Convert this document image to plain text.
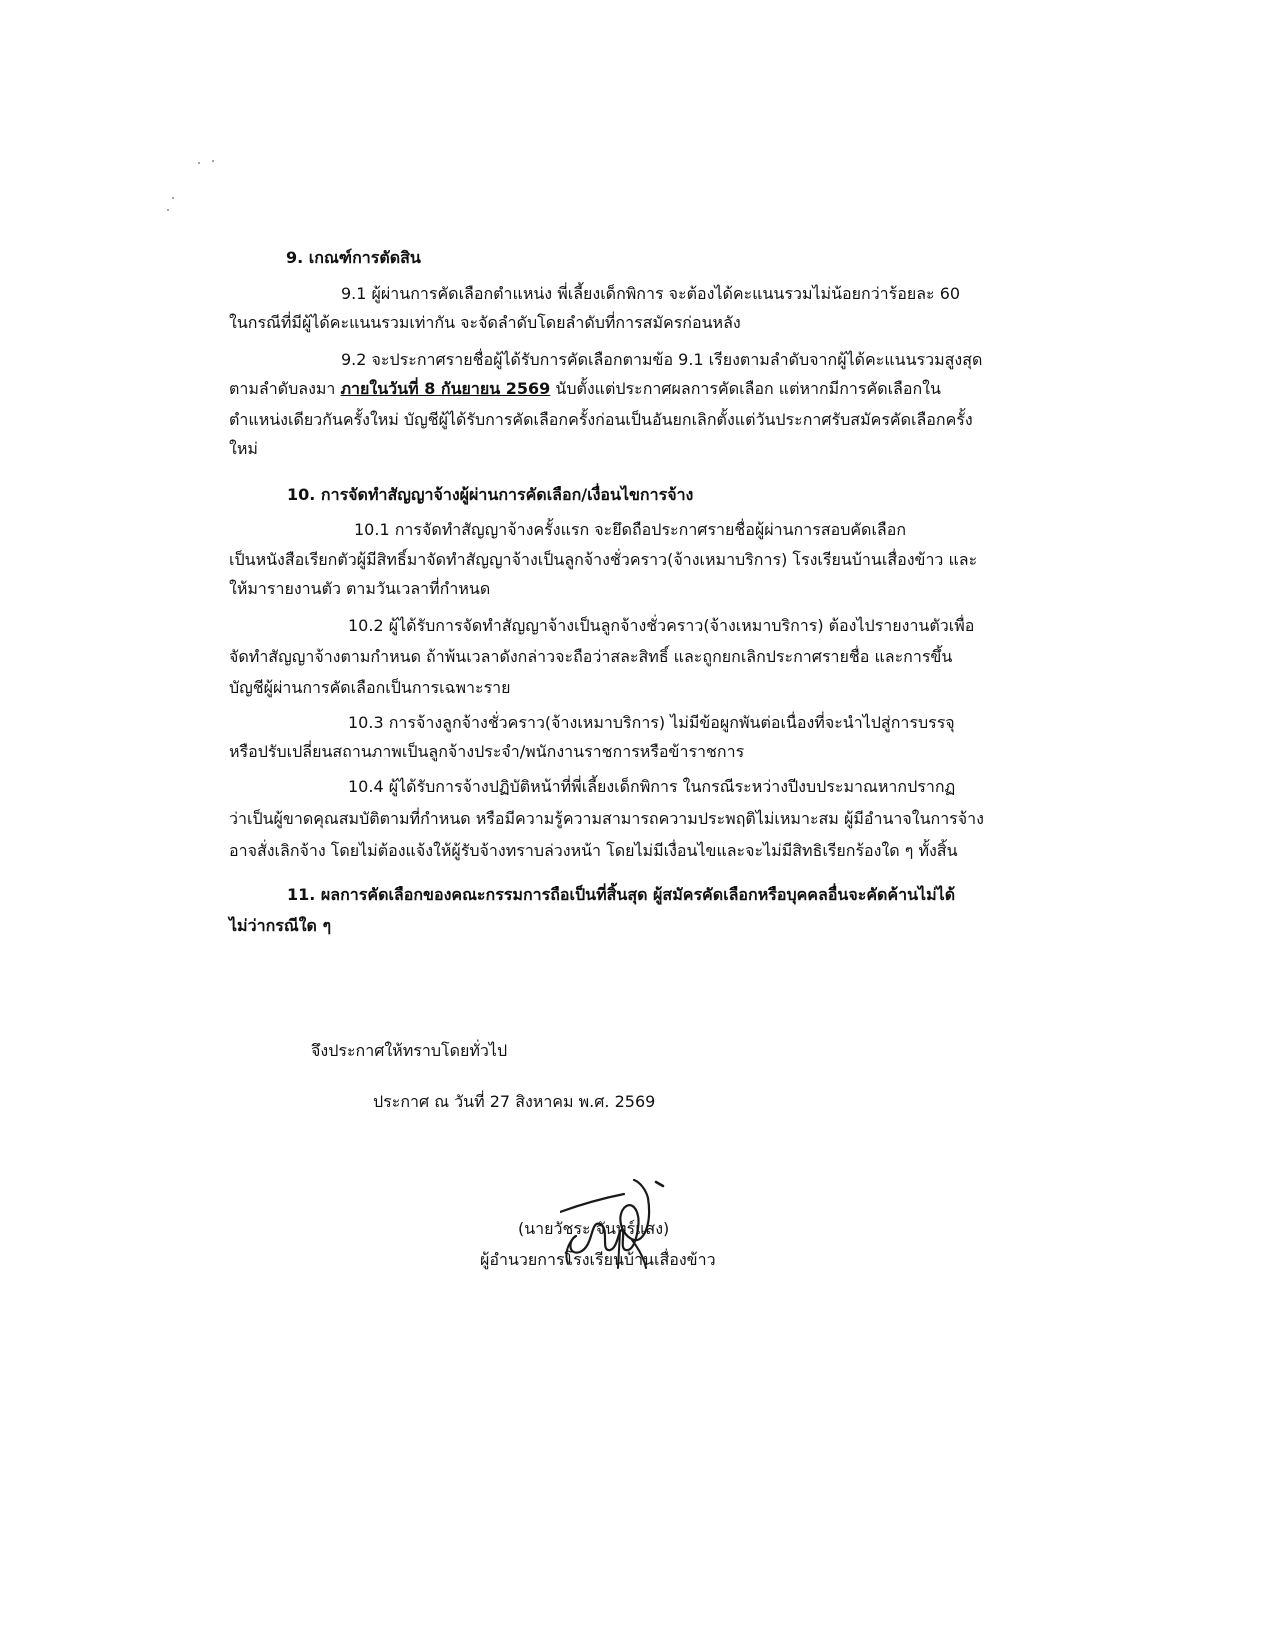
9. เกณฑ์การตัดสิน
9.1 ผู้ผ่านการคัดเลือกตำแหน่ง พี่เลี้ยงเด็กพิการ จะต้องได้คะแนนรวมไม่น้อยกว่าร้อยละ 60
ในกรณีที่มีผู้ได้คะแนนรวมเท่ากัน จะจัดลำดับโดยลำดับที่การสมัครก่อนหลัง
9.2 จะประกาศรายชื่อผู้ได้รับการคัดเลือกตามข้อ 9.1 เรียงตามลำดับจากผู้ได้คะแนนรวมสูงสุด
ตามลำดับลงมา ภายในวันที่ 8 กันยายน 2569 นับตั้งแต่ประกาศผลการคัดเลือก แต่หากมีการคัดเลือกใน
ตำแหน่งเดียวกันครั้งใหม่ บัญชีผู้ได้รับการคัดเลือกครั้งก่อนเป็นอันยกเลิกตั้งแต่วันประกาศรับสมัครคัดเลือกครั้ง
ใหม่
10. การจัดทำสัญญาจ้างผู้ผ่านการคัดเลือก/เงื่อนไขการจ้าง
10.1 การจัดทำสัญญาจ้างครั้งแรก จะยึดถือประกาศรายชื่อผู้ผ่านการสอบคัดเลือก
เป็นหนังสือเรียกตัวผู้มีสิทธิ์มาจัดทำสัญญาจ้างเป็นลูกจ้างชั่วคราว(จ้างเหมาบริการ) โรงเรียนบ้านเสื่องข้าว และ
ให้มารายงานตัว ตามวันเวลาที่กำหนด
10.2 ผู้ได้รับการจัดทำสัญญาจ้างเป็นลูกจ้างชั่วคราว(จ้างเหมาบริการ) ต้องไปรายงานตัวเพื่อ
จัดทำสัญญาจ้างตามกำหนด ถ้าพ้นเวลาดังกล่าวจะถือว่าสละสิทธิ์ และถูกยกเลิกประกาศรายชื่อ และการขึ้น
บัญชีผู้ผ่านการคัดเลือกเป็นการเฉพาะราย
10.3 การจ้างลูกจ้างชั่วคราว(จ้างเหมาบริการ) ไม่มีข้อผูกพันต่อเนื่องที่จะนำไปสู่การบรรจุ
หรือปรับเปลี่ยนสถานภาพเป็นลูกจ้างประจำ/พนักงานราชการหรือข้าราชการ
10.4 ผู้ได้รับการจ้างปฏิบัติหน้าที่พี่เลี้ยงเด็กพิการ ในกรณีระหว่างปีงบประมาณหากปรากฏ
ว่าเป็นผู้ขาดคุณสมบัติตามที่กำหนด หรือมีความรู้ความสามารถความประพฤติไม่เหมาะสม ผู้มีอำนาจในการจ้าง
อาจสั่งเลิกจ้าง โดยไม่ต้องแจ้งให้ผู้รับจ้างทราบล่วงหน้า โดยไม่มีเงื่อนไขและจะไม่มีสิทธิเรียกร้องใด ๆ ทั้งสิ้น
11. ผลการคัดเลือกของคณะกรรมการถือเป็นที่สิ้นสุด ผู้สมัครคัดเลือกหรือบุคคลอื่นจะคัดค้านไม่ได้
ไม่ว่ากรณีใด ๆ
จึงประกาศให้ทราบโดยทั่วไป
ประกาศ ณ วันที่ 27 สิงหาคม พ.ศ. 2569
(นายวัชระ จันทร์แสง)
ผู้อำนวยการโรงเรียนบ้านเสื่องข้าว
